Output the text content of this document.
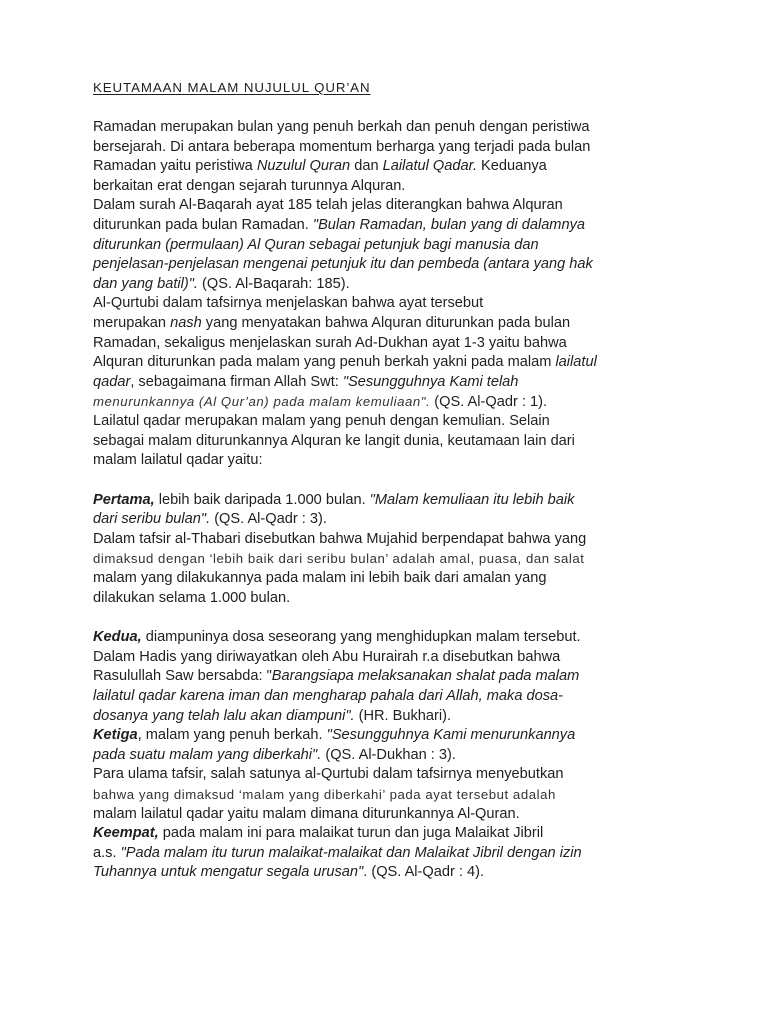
KEUTAMAAN MALAM NUJULUL QUR’AN

Ramadan merupakan bulan yang penuh berkah dan penuh dengan peristiwa
bersejarah. Di antara beberapa momentum berharga yang terjadi pada bulan
Ramadan yaitu peristiwa Nuzulul Quran dan Lailatul Qadar. Keduanya
berkaitan erat dengan sejarah turunnya Alquran.
Dalam surah Al-Baqarah ayat 185 telah jelas diterangkan bahwa Alquran
diturunkan pada bulan Ramadan. "Bulan Ramadan, bulan yang di dalamnya
diturunkan (permulaan) Al Quran sebagai petunjuk bagi manusia dan
penjelasan-penjelasan mengenai petunjuk itu dan pembeda (antara yang hak
dan yang batil)". (QS. Al-Baqarah: 185).
Al-Qurtubi dalam tafsirnya menjelaskan bahwa ayat tersebut
merupakan nash yang menyatakan bahwa Alquran diturunkan pada bulan
Ramadan, sekaligus menjelaskan surah Ad-Dukhan ayat 1-3 yaitu bahwa
Alquran diturunkan pada malam yang penuh berkah yakni pada malam lailatul
qadar, sebagaimana firman Allah Swt: "Sesungguhnya Kami telah
menurunkannya (Al Qur’an) pada malam kemuliaan". (QS. Al-Qadr : 1).
Lailatul qadar merupakan malam yang penuh dengan kemulian. Selain
sebagai malam diturunkannya Alquran ke langit dunia, keutamaan lain dari
malam lailatul qadar yaitu:
Pertama, lebih baik daripada 1.000 bulan. "Malam kemuliaan itu lebih baik
dari seribu bulan". (QS. Al-Qadr : 3).
Dalam tafsir al-Thabari disebutkan bahwa Mujahid berpendapat bahwa yang
dimaksud dengan ‘lebih baik dari seribu bulan’ adalah amal, puasa, dan salat
malam yang dilakukannya pada malam ini lebih baik dari amalan yang
dilakukan selama 1.000 bulan.
Kedua, diampuninya dosa seseorang yang menghidupkan malam tersebut.
Dalam Hadis yang diriwayatkan oleh Abu Hurairah r.a disebutkan bahwa
Rasulullah Saw bersabda: "Barangsiapa melaksanakan shalat pada malam
lailatul qadar karena iman dan mengharap pahala dari Allah, maka dosa-
dosanya yang telah lalu akan diampuni". (HR. Bukhari).
Ketiga, malam yang penuh berkah. "Sesungguhnya Kami menurunkannya
pada suatu malam yang diberkahi". (QS. Al-Dukhan : 3).
Para ulama tafsir, salah satunya al-Qurtubi dalam tafsirnya menyebutkan
bahwa yang dimaksud ‘malam yang diberkahi’ pada ayat tersebut adalah
malam lailatul qadar yaitu malam dimana diturunkannya Al-Quran.
Keempat, pada malam ini para malaikat turun dan juga Malaikat Jibril
a.s. "Pada malam itu turun malaikat-malaikat dan Malaikat Jibril dengan izin
Tuhannya untuk mengatur segala urusan". (QS. Al-Qadr : 4).
